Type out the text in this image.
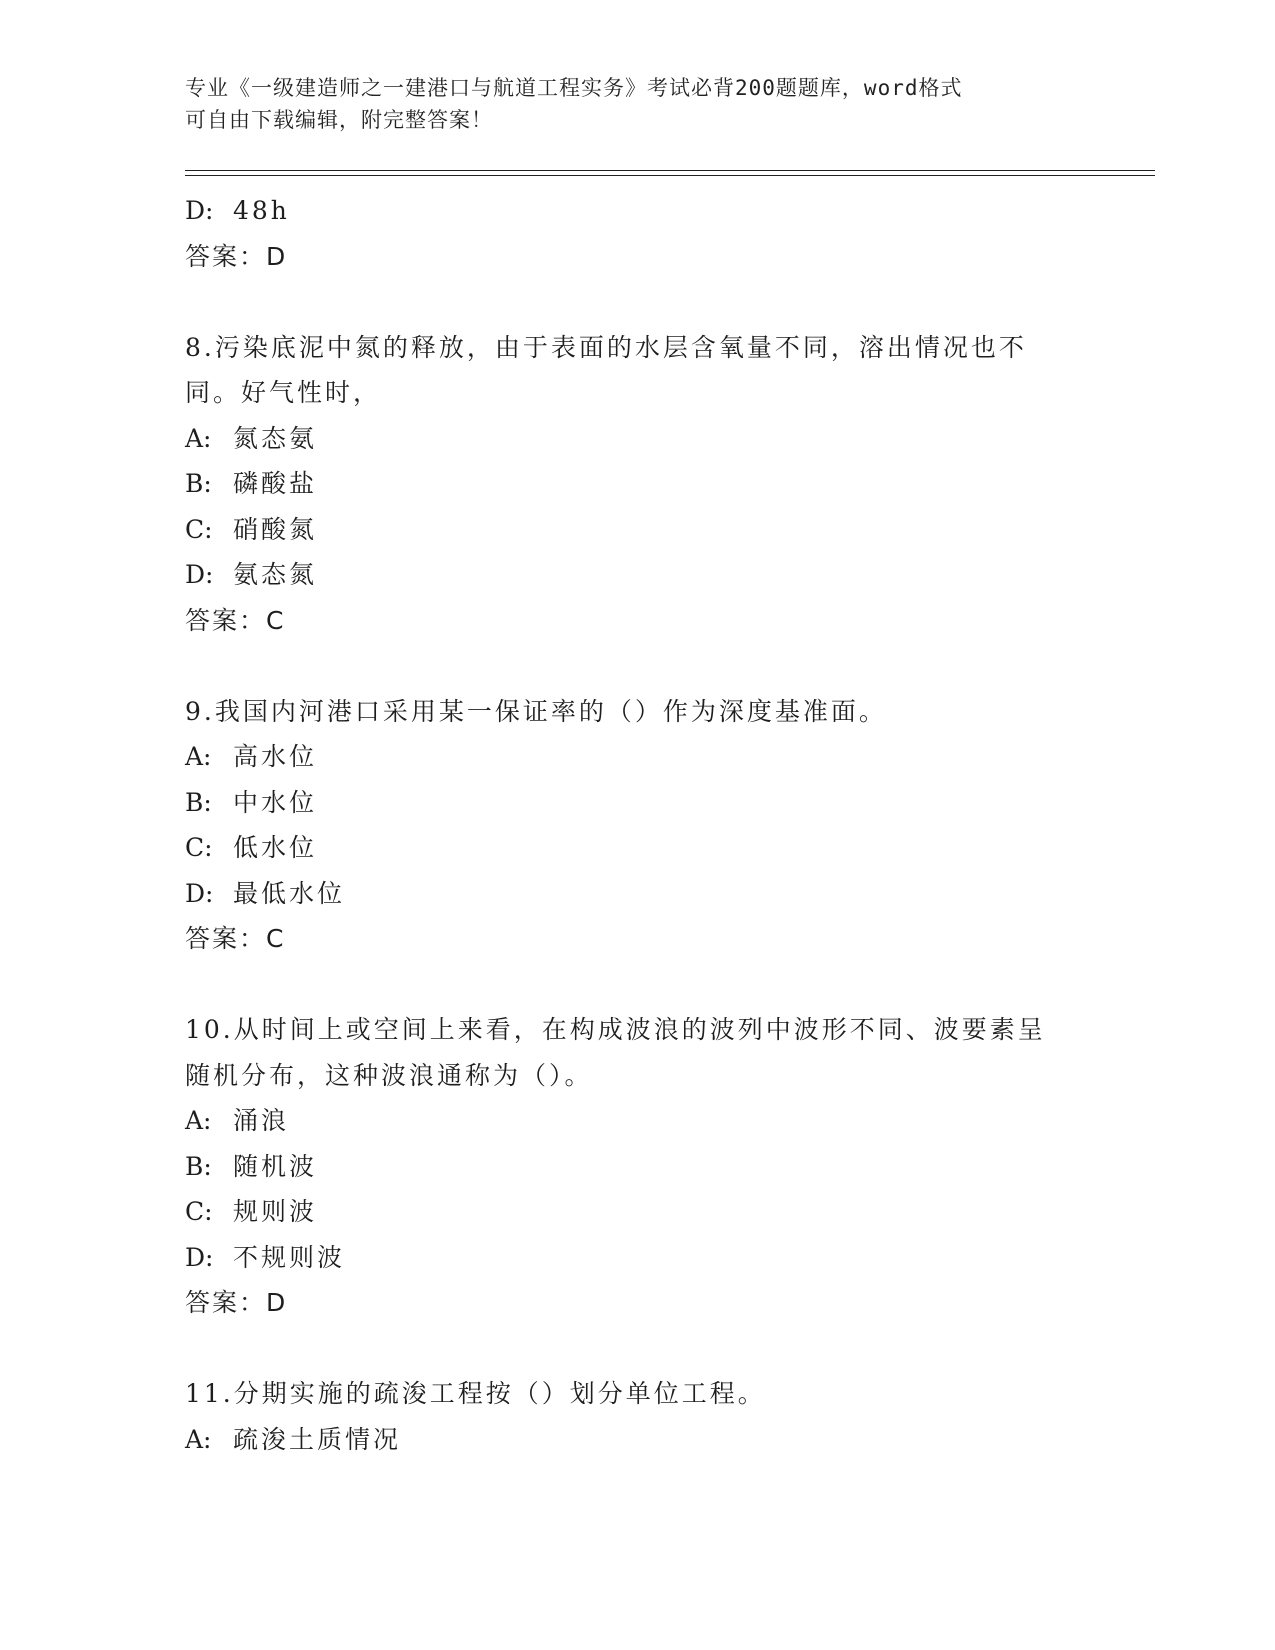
专业《一级建造师之一建港口与航道工程实务》考试必背200题题库，word格式
可自由下载编辑，附完整答案！
D: 48h
答案：D
8.污染底泥中氮的释放，由于表面的水层含氧量不同，溶出情况也不
同。好气性时，
A: 氮态氨
B: 磷酸盐
C: 硝酸氮
D: 氨态氮
答案：C
9.我国内河港口采用某一保证率的（）作为深度基准面。
A: 高水位
B: 中水位
C: 低水位
D: 最低水位
答案：C
10.从时间上或空间上来看，在构成波浪的波列中波形不同、波要素呈
随机分布，这种波浪通称为（）。
A: 涌浪
B: 随机波
C: 规则波
D: 不规则波
答案：D
11.分期实施的疏浚工程按（）划分单位工程。
A: 疏浚土质情况
